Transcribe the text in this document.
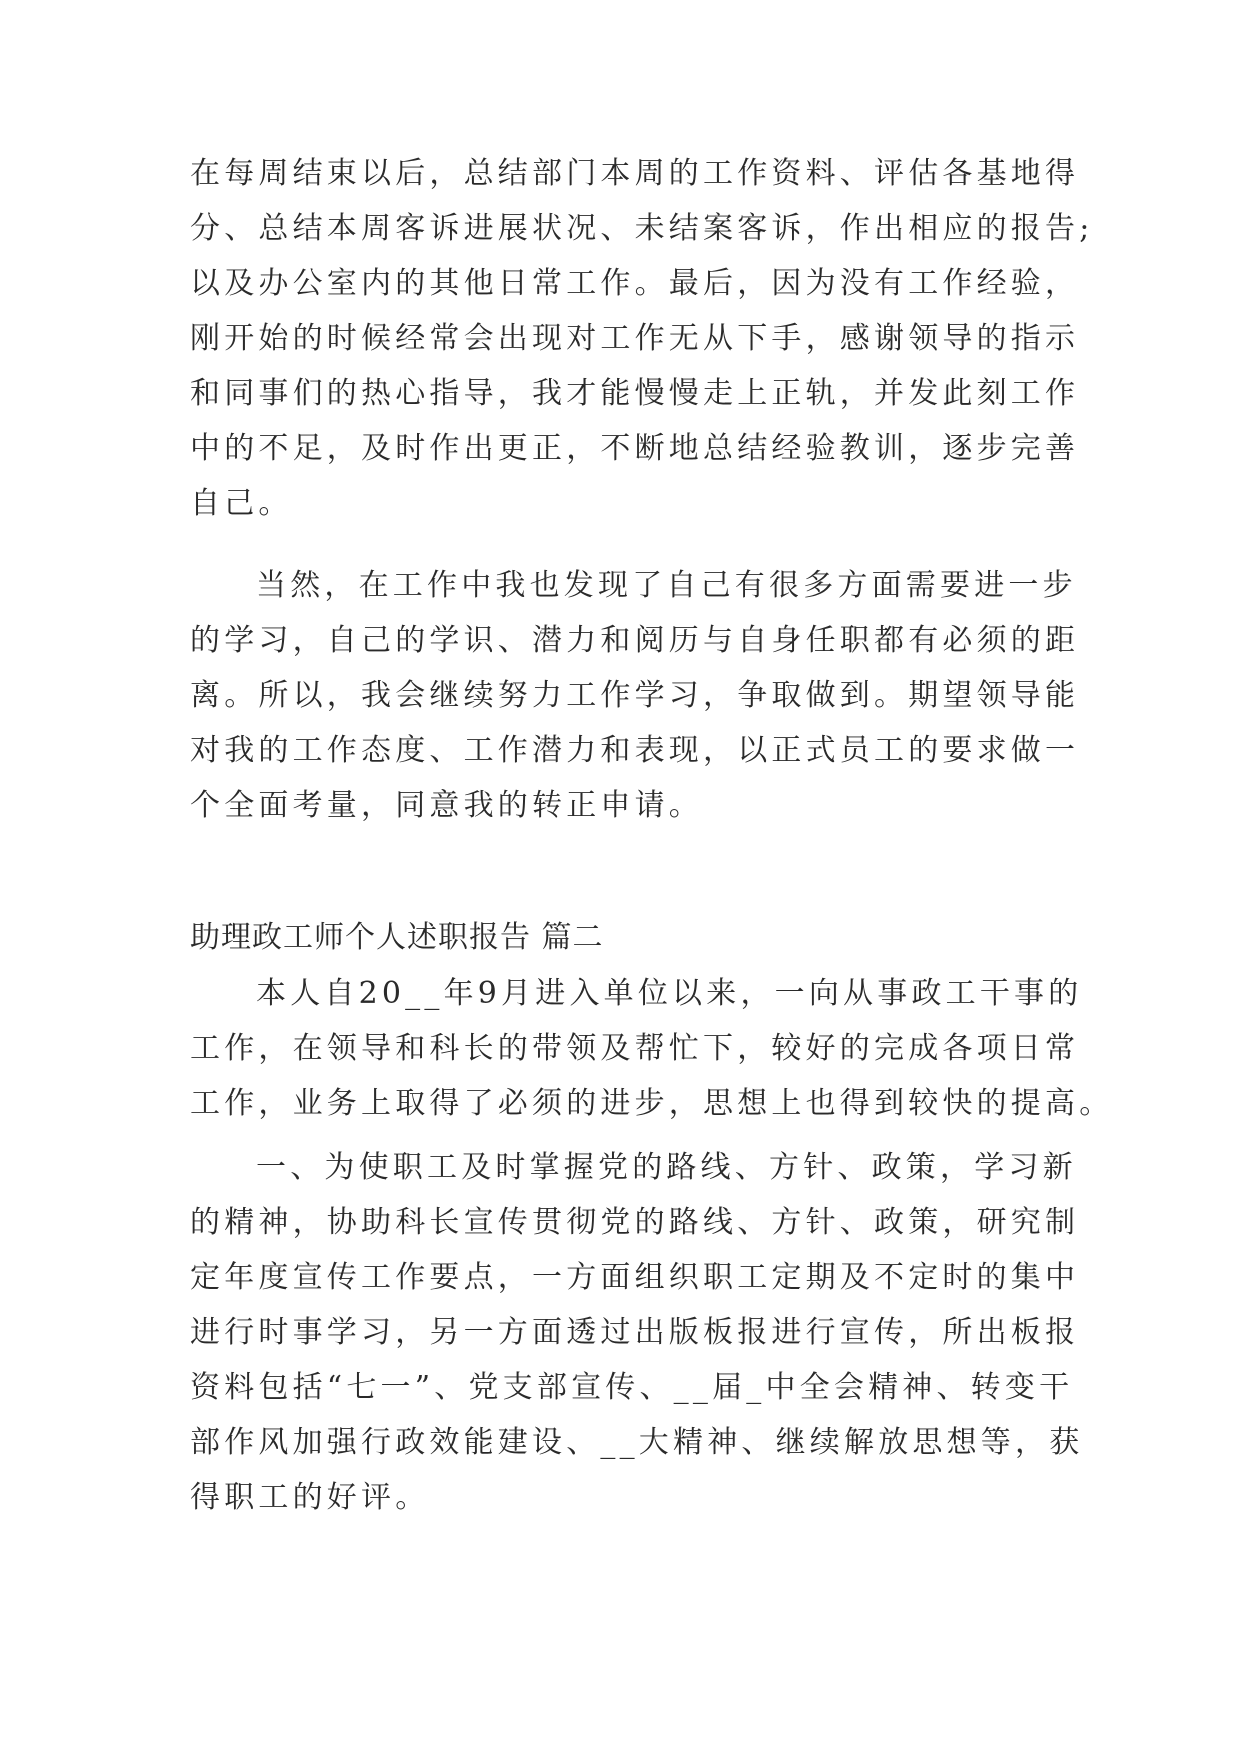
在每周结束以后，总结部门本周的工作资料、评估各基地得
分、总结本周客诉进展状况、未结案客诉，作出相应的报告;
以及办公室内的其他日常工作。最后，因为没有工作经验，
刚开始的时候经常会出现对工作无从下手，感谢领导的指示
和同事们的热心指导，我才能慢慢走上正轨，并发此刻工作
中的不足，及时作出更正，不断地总结经验教训，逐步完善
自己。
当然，在工作中我也发现了自己有很多方面需要进一步
的学习，自己的学识、潜力和阅历与自身任职都有必须的距
离。所以，我会继续努力工作学习，争取做到。期望领导能
对我的工作态度、工作潜力和表现，以正式员工的要求做一
个全面考量，同意我的转正申请。
助理政工师个人述职报告 篇二
本人自20__年9月进入单位以来，一向从事政工干事的
工作，在领导和科长的带领及帮忙下，较好的完成各项日常
工作，业务上取得了必须的进步，思想上也得到较快的提高。
一、为使职工及时掌握党的路线、方针、政策，学习新
的精神，协助科长宣传贯彻党的路线、方针、政策，研究制
定年度宣传工作要点，一方面组织职工定期及不定时的集中
进行时事学习，另一方面透过出版板报进行宣传，所出板报
资料包括“七一”、党支部宣传、__届_中全会精神、转变干
部作风加强行政效能建设、__大精神、继续解放思想等，获
得职工的好评。
